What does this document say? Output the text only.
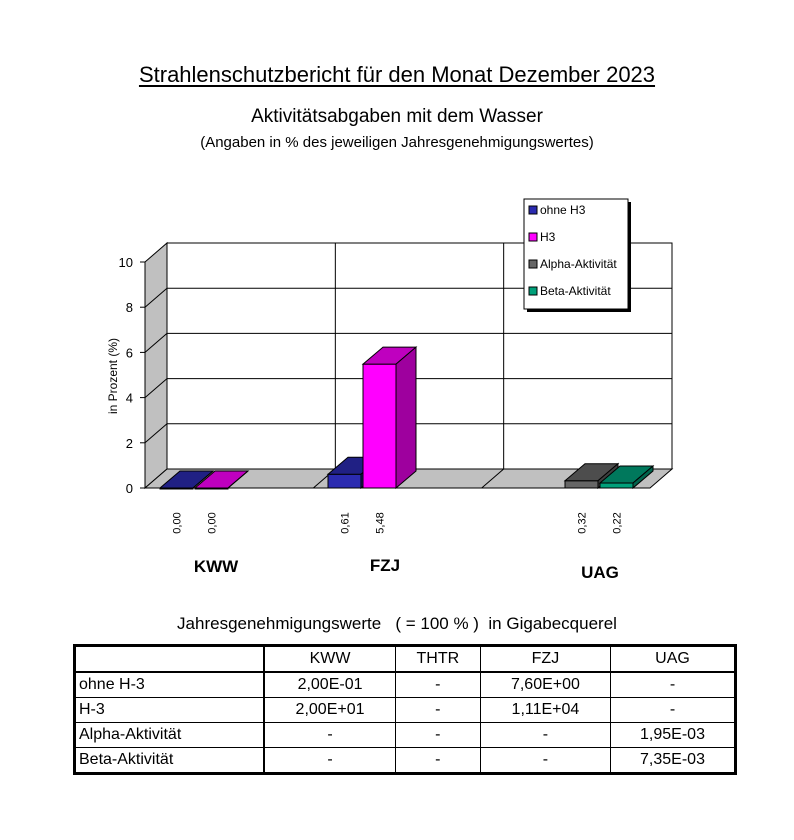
Strahlenschutzbericht für den Monat Dezember 2023
Aktivitätsabgaben mit dem Wasser
(Angaben in % des jeweiligen Jahresgenehmigungswertes)
0
2
4
6
8
10
in Prozent (%)
0,00 0,00	0,61 5,48	0,32 0,22
KWW	FZJ	UAG
ohne H3
H3
Alpha-Aktivität
Beta-Aktivität
Jahresgenehmigungswerte   ( = 100 % )  in Gigabecquerel
	KWW	THTR	FZJ	UAG
ohne H-3	2,00E-01	-	7,60E+00	-
H-3	2,00E+01	-	1,11E+04	-
Alpha-Aktivität	-	-	-	1,95E-03
Beta-Aktivität	-	-	-	7,35E-03
